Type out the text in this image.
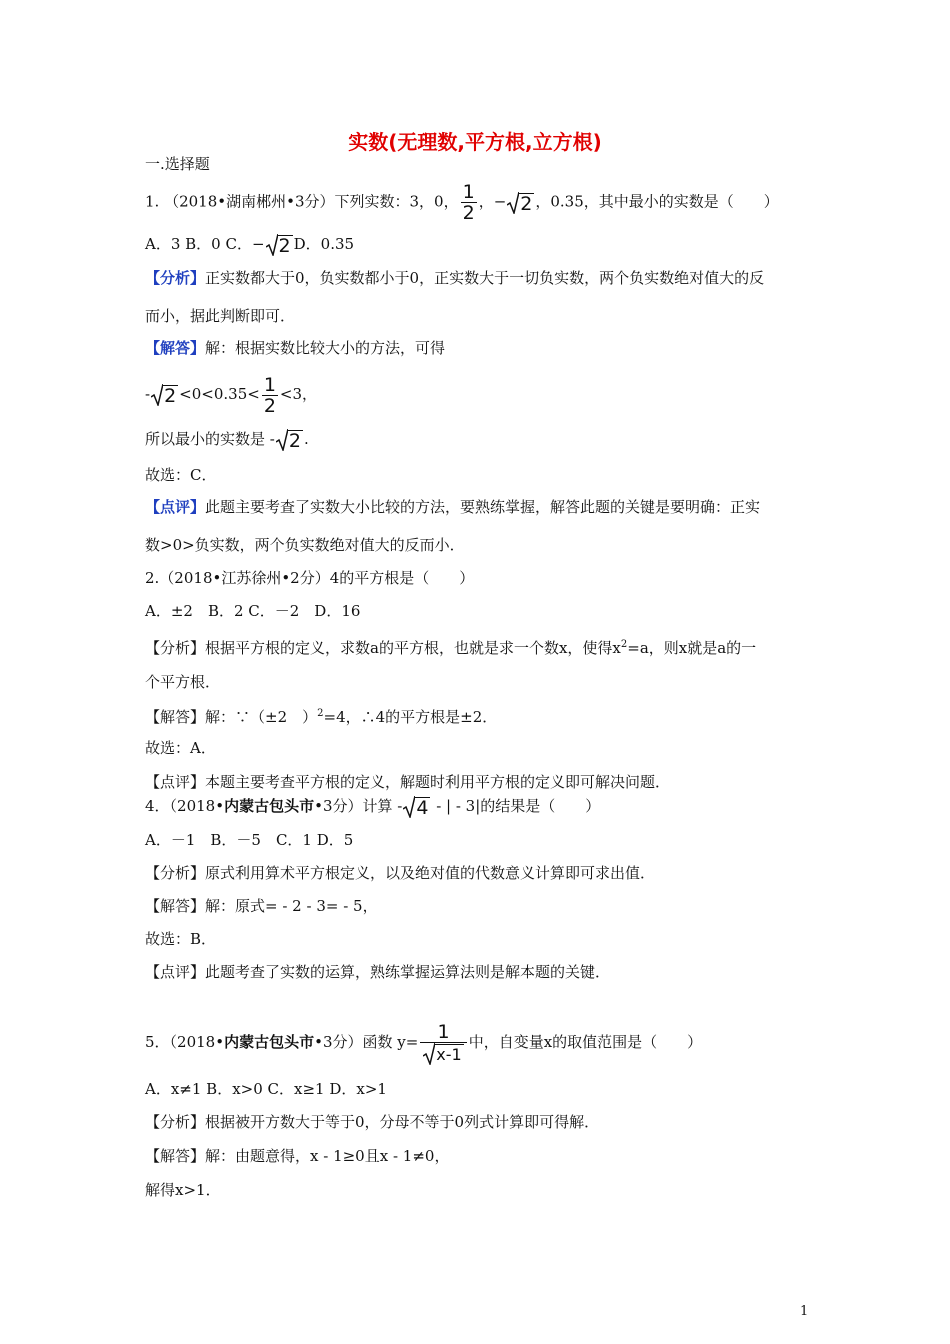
实数(无理数,平方根,立方根)
一.选择题
1. （2018•湖南郴州•3分）下列实数：3，0， $\frac{1}{2}$ ，− 2 ，0.35，其中最小的实数是（　　）
A．3 B．0 C．− 2 D．0.35
【分析】正实数都大于0，负实数都小于0，正实数大于一切负实数，两个负实数绝对值大的反
而小，据此判断即可．
【解答】解：根据实数比较大小的方法，可得
- $2 <0<0.35< \frac{1}{2} <3$，
所以最小的实数是 - 2 .
故选：C．
【点评】此题主要考查了实数大小比较的方法，要熟练掌握，解答此题的关键是要明确：正实
数>0>负实数，两个负实数绝对值大的反而小．
2.（2018•江苏徐州•2分）4的平方根是（　　）
A．±2　B．2 C．－2　D．16
【分析】根据平方根的定义，求数a的平方根，也就是求一个数x，使得$x^2=a$，则x就是a的一
个平方根．
【解答】解：∵（±2　）$^2$=4，∴4的平方根是±2．
故选：A．
【点评】本题主要考查平方根的定义，解题时利用平方根的定义即可解决问题．
4．（2018•内蒙古包头市•3分）计算 - 4 - | - 3|的结果是（　　）
A．－1　B．－5　C．1 D．5
【分析】原式利用算术平方根定义，以及绝对值的代数意义计算即可求出值．
【解答】解：原式= - 2 - 3= - 5，
故选：B．
【点评】此题考查了实数的运算，熟练掌握运算法则是解本题的关键．
5．（2018•内蒙古包头市•3分）函数 $y= \frac{1}{x-1}$ 中，自变量x的取值范围是（　　）
A．x≠1 B．x>0 C．x≥1 D．x>1
【分析】根据被开方数大于等于0，分母不等于0列式计算即可得解．
【解答】解：由题意得，x - 1≥0且x - 1≠0，
解得x>1．
1
